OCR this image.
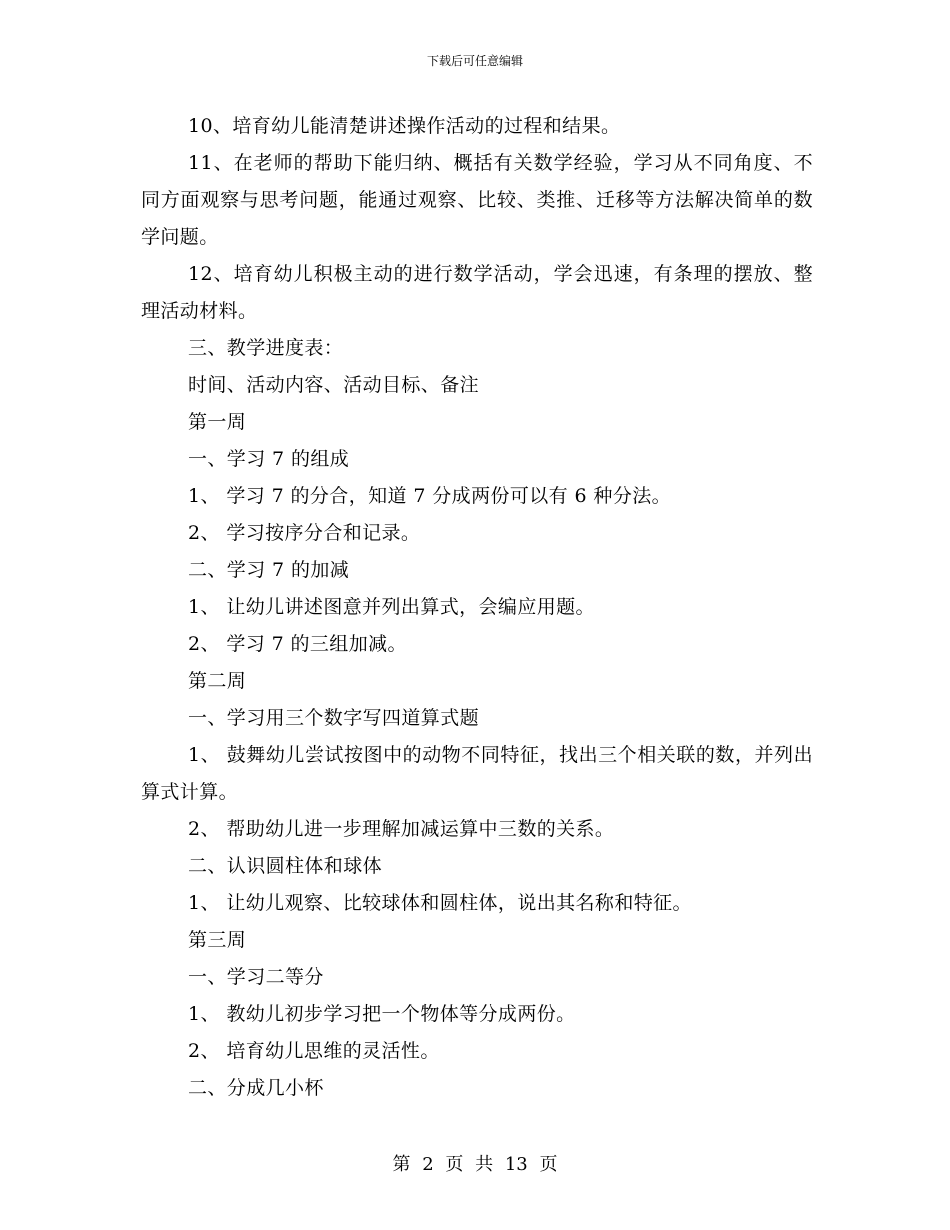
下载后可任意编辑

10、培育幼儿能清楚讲述操作活动的过程和结果。

11、在老师的帮助下能归纳、概括有关数学经验，学习从不同角度、不同方面观察与思考问题，能通过观察、比较、类推、迁移等方法解决简单的数学问题。

12、培育幼儿积极主动的进行数学活动，学会迅速，有条理的摆放、整理活动材料。

三、教学进度表：

时间、活动内容、活动目标、备注

第一周

一、学习 7 的组成

1、 学习 7 的分合，知道 7 分成两份可以有 6 种分法。

2、 学习按序分合和记录。

二、学习 7 的加减

1、 让幼儿讲述图意并列出算式，会编应用题。

2、 学习 7 的三组加减。

第二周

一、学习用三个数字写四道算式题

1、 鼓舞幼儿尝试按图中的动物不同特征，找出三个相关联的数，并列出算式计算。

2、 帮助幼儿进一步理解加减运算中三数的关系。

二、认识圆柱体和球体

1、 让幼儿观察、比较球体和圆柱体，说出其名称和特征。

第三周

一、学习二等分

1、 教幼儿初步学习把一个物体等分成两份。

2、 培育幼儿思维的灵活性。

二、分成几小杯

第 2 页 共 13 页
